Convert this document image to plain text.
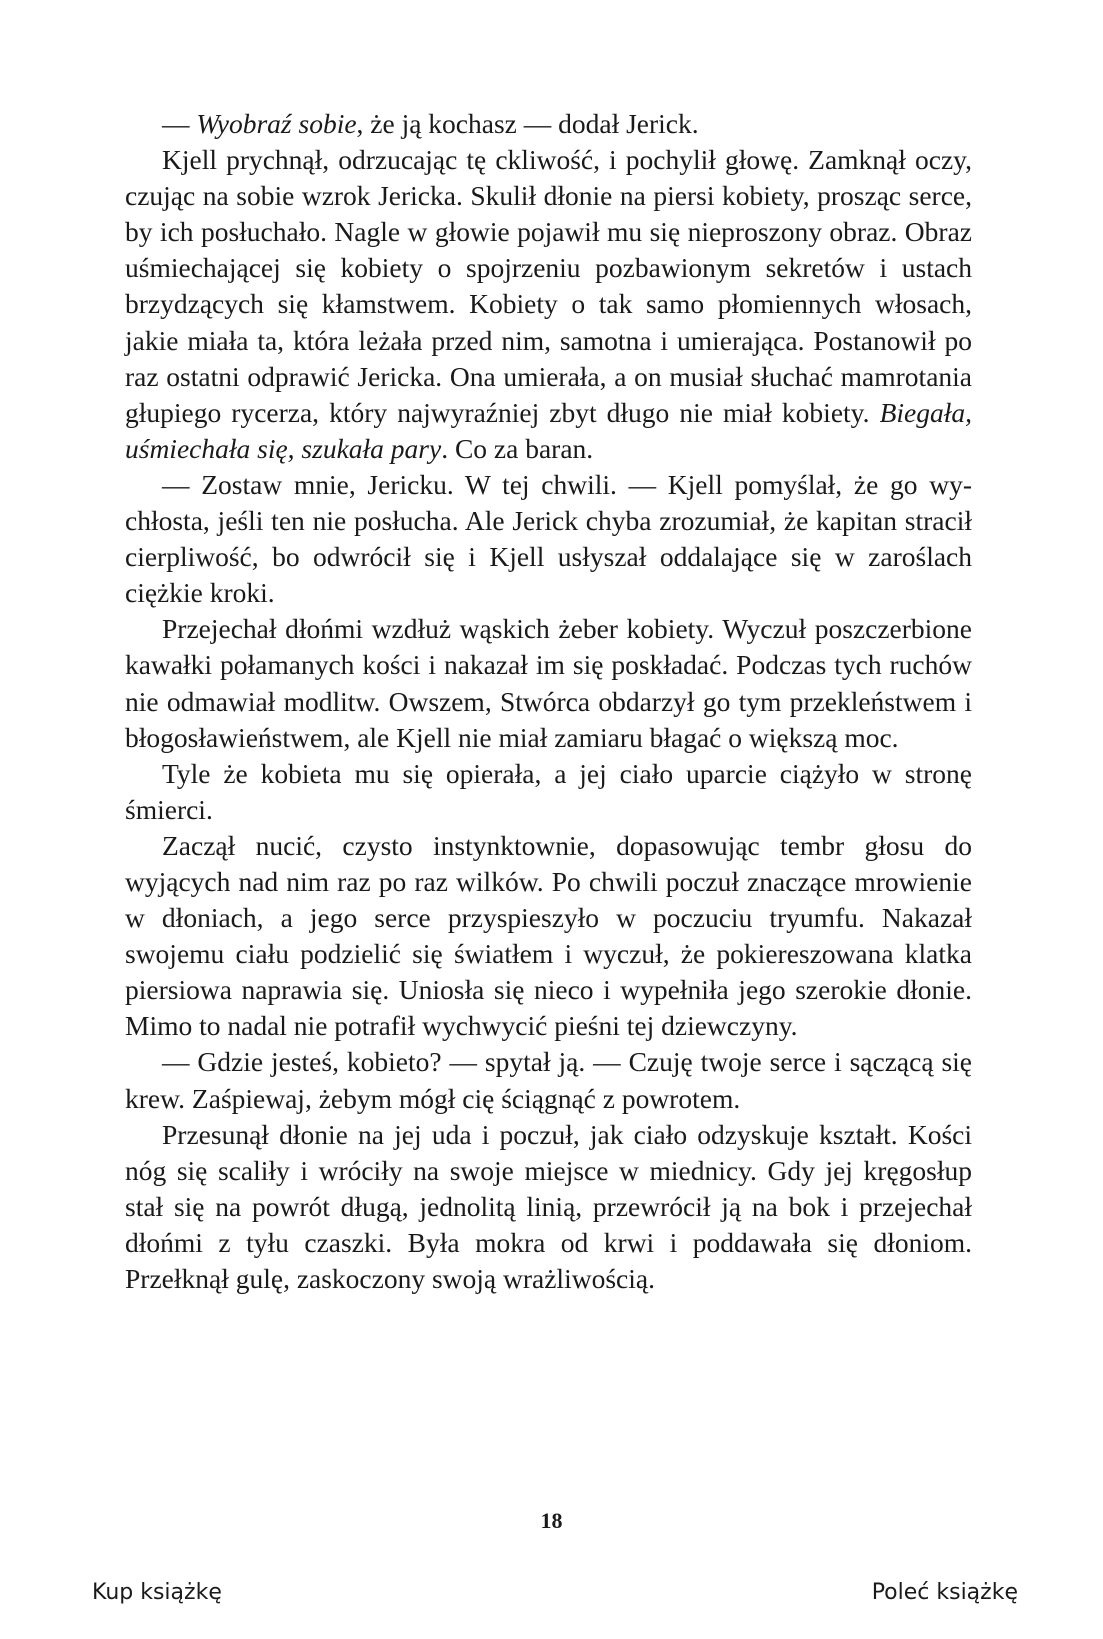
— Wyobraź sobie, że ją kochasz — dodał Jerick.

Kjell prychnął, odrzucając tę ckliwość, i pochylił głowę. Zamknął oczy, czując na sobie wzrok Jericka. Skulił dłonie na piersi kobiety, prosząc serce, by ich posłuchało. Nagle w głowie pojawił mu się nieproszony obraz. Obraz uśmiechającej się kobiety o spojrzeniu pozbawionym sekretów i ustach brzydzących się kłamstwem. Kobiety o tak samo płomiennych włosach, jakie miała ta, która leżała przed nim, samotna i umierająca. Postanowił po raz ostatni odprawić Jericka. Ona umierała, a on musiał słuchać mamrotania głupiego rycerza, który najwyraźniej zbyt długo nie miał kobiety. Biegała, uśmiechała się, szukała pary. Co za baran.

— Zostaw mnie, Jericku. W tej chwili. — Kjell pomyślał, że go wychłosta, jeśli ten nie posłucha. Ale Jerick chyba zrozumiał, że kapitan stracił cierpliwość, bo odwrócił się i Kjell usłyszał oddalające się w zaroślach ciężkie kroki.

Przejechał dłońmi wzdłuż wąskich żeber kobiety. Wyczuł poszczerbione kawałki połamanych kości i nakazał im się poskładać. Podczas tych ruchów nie odmawiał modlitw. Owszem, Stwórca obdarzył go tym przekleństwem i błogosławieństwem, ale Kjell nie miał zamiaru błagać o większą moc.

Tyle że kobieta mu się opierała, a jej ciało uparcie ciążyło w stronę śmierci.

Zaczął nucić, czysto instynktownie, dopasowując tembr głosu do wyjących nad nim raz po raz wilków. Po chwili poczuł znaczące mrowienie w dłoniach, a jego serce przyspieszyło w poczuciu tryumfu. Nakazał swojemu ciału podzielić się światłem i wyczuł, że pokiereszowana klatka piersiowa naprawia się. Uniosła się nieco i wypełniła jego szerokie dłonie. Mimo to nadal nie potrafił wychwycić pieśni tej dziewczyny.

— Gdzie jesteś, kobieto? — spytał ją. — Czuję twoje serce i sączącą się krew. Zaśpiewaj, żebym mógł cię ściągnąć z powrotem.

Przesunął dłonie na jej uda i poczuł, jak ciało odzyskuje kształt. Kości nóg się scaliły i wróciły na swoje miejsce w miednicy. Gdy jej kręgosłup stał się na powrót długą, jednolitą linią, przewrócił ją na bok i przejechał dłońmi z tyłu czaszki. Była mokra od krwi i poddawała się dłoniom. Przełknął gulę, zaskoczony swoją wrażliwością.

18
Kup książkę	Poleć książkę
